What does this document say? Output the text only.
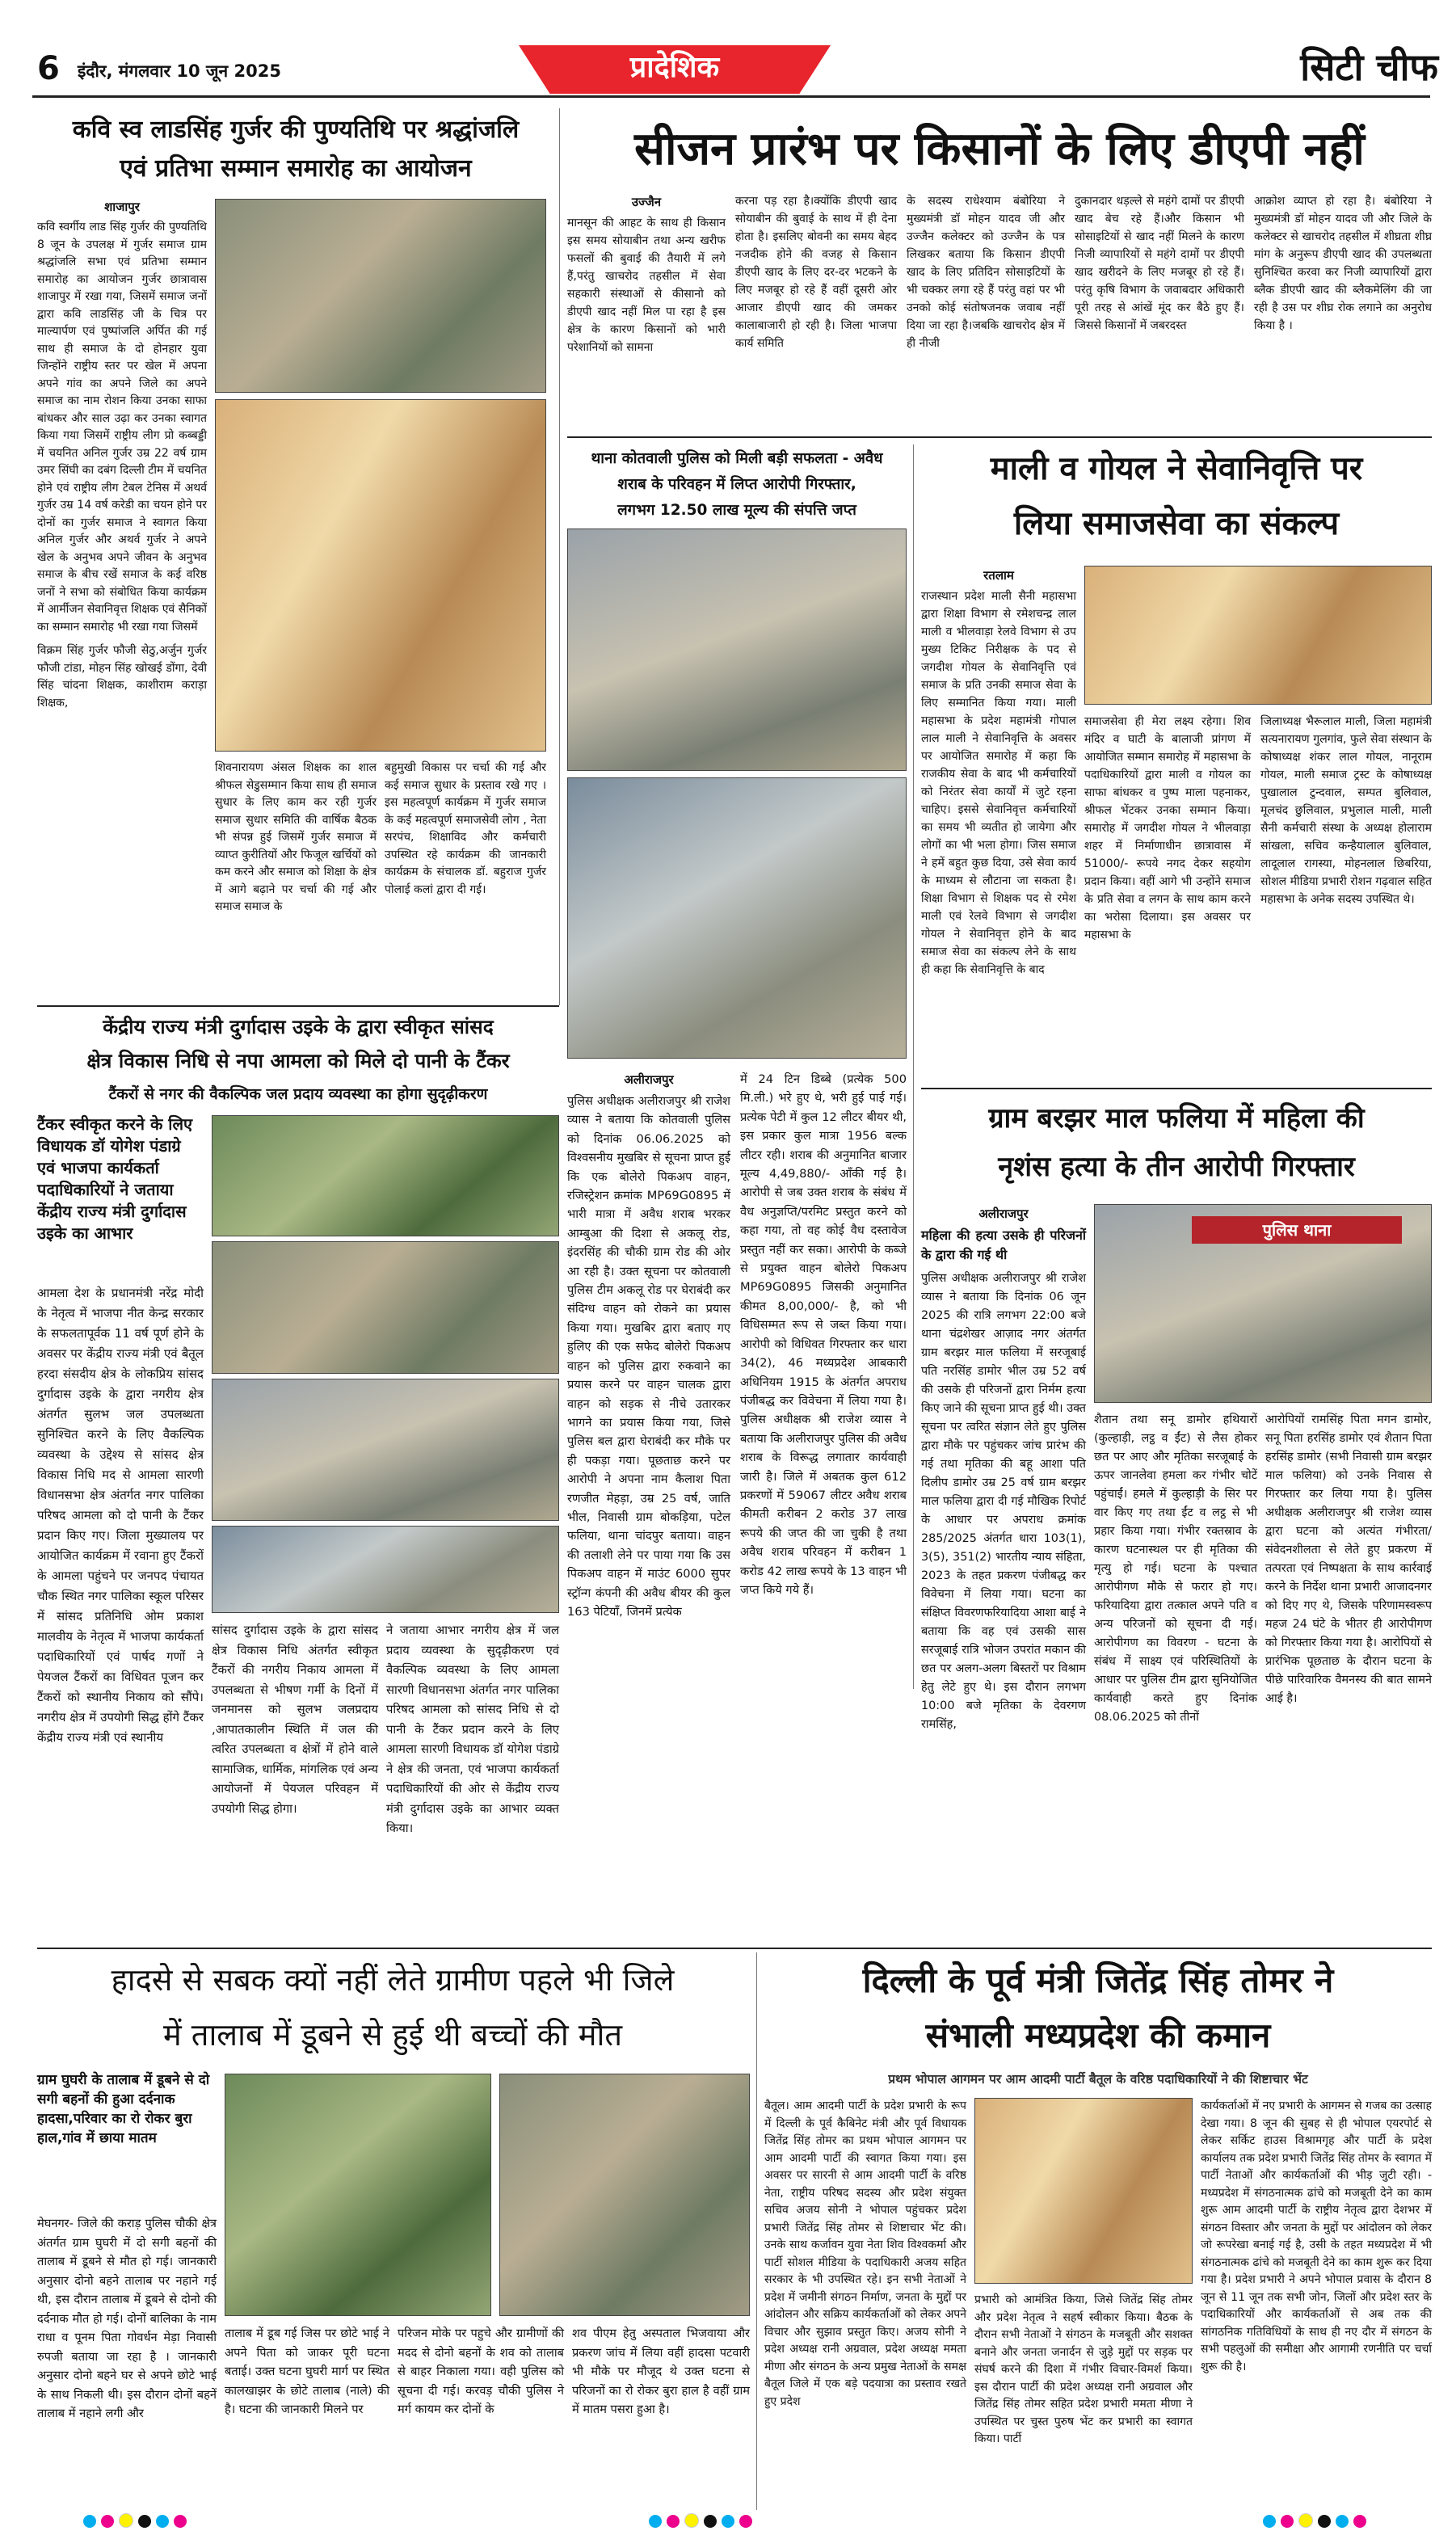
6	इंदौर, मंगलवार 10 जून 2025	प्रादेशिक	सिटी चीफ
कवि स्व लाडसिंह गुर्जर की पुण्यतिथि पर श्रद्धांजलि
एवं प्रतिभा सम्मान समारोह का आयोजन
शाजापुर
कवि स्वर्गीय लाड सिंह गुर्जर की पुण्यतिथि 8 जून के उपलक्ष में गुर्जर समाज ग्राम श्रद्धांजलि सभा एवं प्रतिभा सम्मान समारोह का आयोजन गुर्जर छात्रावास शाजापुर में रखा गया, जिसमें समाज जनों द्वारा कवि लाडसिंह जी के चित्र पर माल्यार्पण एवं पुष्पांजलि अर्पित की गई साथ ही समाज के दो होनहार युवा जिन्होंने राष्ट्रीय स्तर पर खेल में अपना अपने गांव का अपने जिले का अपने समाज का नाम रोशन किया उनका साफा बांधकर और साल उढ़ा कर उनका स्वागत किया गया जिसमें राष्ट्रीय लीग प्रो कब्बड्डी में चयनित अनिल गुर्जर उम्र 22 वर्ष ग्राम उमर सिंघी का दबंग दिल्ली टीम में चयनित होने एवं राष्ट्रीय लीग टेबल टेनिस में अथर्व गुर्जर उम्र 14 वर्ष करेडी का चयन होने पर दोनों का गुर्जर समाज ने स्वागत किया अनिल गुर्जर और अथर्व गुर्जर ने अपने खेल के अनुभव अपने जीवन के अनुभव समाज के बीच रखें समाज के कई वरिष्ठ जनों ने सभा को संबोधित किया कार्यक्रम में आर्मीजन सेवानिवृत्त शिक्षक एवं सैनिकों का सम्मान समारोह भी रखा गया जिसमें
विक्रम सिंह गुर्जर फौजी सेठु,अर्जुन गुर्जर फौजी टांडा, मोहन सिंह खोखई डोंगा, देवी सिंह चांदना शिक्षक, काशीराम कराड़ा शिक्षक,
शिवनारायण अंसल शिक्षक का शाल श्रीफल सेडुसम्मान किया साथ ही समाज सुधार के लिए काम कर रही गुर्जर समाज सुधार समिति की वार्षिक बैठक भी संपन्न हुई जिसमें गुर्जर समाज में व्याप्त कुरीतियों और फिजूल खर्चियों को कम करने और समाज को शिक्षा के क्षेत्र में आगे बढ़ाने पर चर्चा की गई और समाज समाज के
बहुमुखी विकास पर चर्चा की गई और कई समाज सुधार के प्रस्ताव रखे गए । इस महत्वपूर्ण कार्यक्रम में गुर्जर समाज के कई महत्वपूर्ण समाजसेवी लोग , नेता सरपंच, शिक्षाविद और कर्मचारी उपस्थित रहे कार्यक्रम की जानकारी कार्यक्रम के संचालक डॉ. बहुराज गुर्जर पोलाई कलां द्वारा दी गई।
सीजन प्रारंभ पर किसानों के लिए डीएपी नहीं
उज्जैन
मानसून की आहट के साथ ही किसान इस समय सोयाबीन तथा अन्य खरीफ फसलों की बुवाई की तैयारी में लगे हैं,परंतु खाचरोद तहसील में सेवा सहकारी संस्थाओं से कीसानो को डीएपी खाद नहीं मिल पा रहा है इस क्षेत्र के कारण किसानों को भारी परेशानियों को सामना
करना पड़ रहा है।क्योंकि डीएपी खाद सोयाबीन की बुवाई के साथ में ही देना होता है। इसलिए बोवनी का समय बेहद नजदीक होने की वजह से किसान डीएपी खाद के लिए दर-दर भटकने के लिए मजबूर हो रहे हैं वहीं दूसरी ओर आजार डीएपी खाद की जमकर कालाबाजारी हो रही है। जिला भाजपा कार्य समिति
के सदस्य राधेश्याम बंबोरिया ने मुख्यमंत्री डॉ मोहन यादव जी और उज्जैन कलेक्टर को उज्जैन के पत्र लिखकर बताया कि किसान डीएपी खाद के लिए प्रतिदिन सोसाइटियों के भी चक्कर लगा रहे हैं परंतु वहां पर भी उनको कोई संतोषजनक जवाब नहीं दिया जा रहा है।जबकि खाचरोद क्षेत्र में ही नीजी
दुकानदार धड़ल्ले से महंगे दामों पर डीएपी खाद बेच रहे हैं।और किसान भी सोसाइटियों से खाद नहीं मिलने के कारण निजी व्यापारियों से महंगे दामों पर डीएपी खाद खरीदने के लिए मजबूर हो रहे हैं। परंतु कृषि विभाग के जवाबदार अधिकारी पूरी तरह से आंखें मूंद कर बैठे हुए हैं। जिससे किसानों में जबरदस्त
आक्रोश व्याप्त हो रहा है। बंबोरिया ने मुख्यमंत्री डॉ मोहन यादव जी और जिले के कलेक्टर से खाचरोद तहसील में शीघ्रता शीघ्र मांग के अनुरूप डीएपी खाद की उपलब्धता सुनिश्चित करवा कर निजी व्यापारियों द्वारा ब्लैक डीएपी खाद की ब्लैकमेलिंग की जा रही है उस पर शीघ्र रोक लगाने का अनुरोध किया है ।
थाना कोतवाली पुलिस को मिली बड़ी सफलता - अवैध
शराब के परिवहन में लिप्त आरोपी गिरफ्तार,
लगभग 12.50 लाख मूल्य की संपत्ति जप्त
अलीराजपुर
पुलिस अधीक्षक अलीराजपुर श्री राजेश व्यास ने बताया कि कोतवाली पुलिस को दिनांक 06.06.2025 को विश्वसनीय मुखबिर से सूचना प्राप्त हुई कि एक बोलेरो पिकअप वाहन, रजिस्ट्रेशन क्रमांक MP69G0895 में भारी मात्रा में अवैध शराब भरकर आम्बुआ की दिशा से अकलू रोड, इंदरसिंह की चौकी ग्राम रोड की ओर आ रही है। उक्त सूचना पर कोतवाली पुलिस टीम अकलू रोड पर घेराबंदी कर संदिग्ध वाहन को रोकने का प्रयास किया गया। मुखबिर द्वारा बताए गए हुलिए की एक सफेद बोलेरो पिकअप वाहन को पुलिस द्वारा रुकवाने का प्रयास करने पर वाहन चालक द्वारा वाहन को सड़क से नीचे उतारकर भागने का प्रयास किया गया, जिसे पुलिस बल द्वारा घेराबंदी कर मौके पर ही पकड़ा गया। पूछताछ करने पर आरोपी ने अपना नाम कैलाश पिता रणजीत मेहड़ा, उम्र 25 वर्ष, जाति भील, निवासी ग्राम बोकड़िया, पटेल फलिया, थाना चांदपुर बताया। वाहन की तलाशी लेने पर पाया गया कि उस पिकअप वाहन में माउंट 6000 सुपर स्ट्रॉन्ग कंपनी की अवैध बीयर की कुल 163 पेटियाँ, जिनमें प्रत्येक
में 24 टिन डिब्बे (प्रत्येक 500 मि.ली.) भरे हुए थे, भरी हुई पाई गई। प्रत्येक पेटी में कुल 12 लीटर बीयर थी, इस प्रकार कुल मात्रा 1956 बल्क लीटर रही। शराब की अनुमानित बाजार मूल्य 4,49,880/- आँकी गई है। आरोपी से जब उक्त शराब के संबंध में वैध अनुज्ञप्ति/परमिट प्रस्तुत करने को कहा गया, तो वह कोई वैध दस्तावेज प्रस्तुत नहीं कर सका। आरोपी के कब्जे से प्रयुक्त वाहन बोलेरो पिकअप MP69G0895 जिसकी अनुमानित कीमत 8,00,000/- है, को भी विधिसम्मत रूप से जब्त किया गया। आरोपी को विधिवत गिरफ्तार कर धारा 34(2), 46 मध्यप्रदेश आबकारी अधिनियम 1915 के अंतर्गत अपराध पंजीबद्ध कर विवेचना में लिया गया है। पुलिस अधीक्षक श्री राजेश व्यास ने बताया कि अलीराजपुर पुलिस की अवैध शराब के विरूद्ध लगातार कार्यवाही जारी है। जिले में अबतक कुल 612 प्रकरणों में 59067 लीटर अवैध शराब कीमती करीबन 2 करोड 37 लाख रूपये की जप्त की जा चुकी है तथा अवैध शराब परिवहन में करीबन 1 करोड 42 लाख रूपये के 13 वाहन भी जप्त किये गये हैं।
माली व गोयल ने सेवानिवृत्ति पर
लिया समाजसेवा का संकल्प
रतलाम
राजस्थान प्रदेश माली सैनी महासभा द्वारा शिक्षा विभाग से रमेशचन्द्र लाल माली व भीलवाड़ा रेलवे विभाग से उप मुख्य टिकिट निरीक्षक के पद से जगदीश गोयल के सेवानिवृत्ति एवं समाज के प्रति उनकी समाज सेवा के लिए सम्मानित किया गया। माली महासभा के प्रदेश महामंत्री गोपाल लाल माली ने सेवानिवृत्ति के अवसर पर आयोजित समारोह में कहा कि राजकीय सेवा के बाद भी कर्मचारियों को निरंतर सेवा कार्यों में जुटे रहना चाहिए। इससे सेवानिवृत्त कर्मचारियों का समय भी व्यतीत हो जायेगा और लोगों का भी भला होगा। जिस समाज ने हमें बहुत कुछ दिया, उसे सेवा कार्य के माध्यम से लौटाना जा सकता है। शिक्षा विभाग से शिक्षक पद से रमेश माली एवं रेलवे विभाग से जगदीश गोयल ने सेवानिवृत्त होने के बाद समाज सेवा का संकल्प लेने के साथ ही कहा कि सेवानिवृत्ति के बाद
समाजसेवा ही मेरा लक्ष्य रहेगा। शिव मंदिर व घाटी के बालाजी प्रांगण में आयोजित सम्मान समारोह में महासभा के पदाधिकारियों द्वारा माली व गोयल का साफा बांधकर व पुष्प माला पहनाकर, श्रीफल भेंटकर उनका सम्मान किया। समारोह में जगदीश गोयल ने भीलवाड़ा शहर में निर्माणाधीन छात्रावास में 51000/- रूपये नगद देकर सहयोग प्रदान किया। वहीं आगे भी उन्होंने समाज के प्रति सेवा व लगन के साथ काम करने का भरोसा दिलाया। इस अवसर पर महासभा के
जिलाध्यक्ष भैरूलाल माली, जिला महामंत्री सत्यनारायण गुलगांव, फुले सेवा संस्थान के कोषाध्यक्ष शंकर लाल गोयल, नानूराम गोयल, माली समाज ट्रस्ट के कोषाध्यक्ष पुखालाल टुन्दवाल, सम्पत बुलिवाल, मूलचंद छुलिवाल, प्रभुलाल माली, माली सैनी कर्मचारी संस्था के अध्यक्ष होलाराम सांखला, सचिव कन्हैयालाल बुलिवाल, लादूलाल रागस्या, मोहनलाल छिबरिया, सोशल मीडिया प्रभारी रोशन गढ़वाल सहित महासभा के अनेक सदस्य उपस्थित थे।
केंद्रीय राज्य मंत्री दुर्गादास उइके के द्वारा स्वीकृत सांसद
क्षेत्र विकास निधि से नपा आमला को मिले दो पानी के टैंकर
टैंकरों से नगर की वैकल्पिक जल प्रदाय व्यवस्था का होगा सुदृढ़ीकरण
टैंकर स्वीकृत करने के लिए विधायक डॉ योगेश पंडाग्रे एवं भाजपा कार्यकर्ता पदाधिकारियों ने जताया केंद्रीय राज्य मंत्री दुर्गादास उइके का आभार
आमला देश के प्रधानमंत्री नरेंद्र मोदी के नेतृत्व में भाजपा नीत केन्द्र सरकार के सफलतापूर्वक 11 वर्ष पूर्ण होने के अवसर पर केंद्रीय राज्य मंत्री एवं बैतूल हरदा संसदीय क्षेत्र के लोकप्रिय सांसद दुर्गादास उइके के द्वारा नगरीय क्षेत्र अंतर्गत सुलभ जल उपलब्धता सुनिश्चित करने के लिए वैकल्पिक व्यवस्था के उद्देश्य से सांसद क्षेत्र विकास निधि मद से आमला सारणी विधानसभा क्षेत्र अंतर्गत नगर पालिका परिषद आमला को दो पानी के टैंकर प्रदान किए गए। जिला मुख्यालय पर आयोजित कार्यक्रम में रवाना हुए टैंकरों के आमला पहुंचने पर जनपद पंचायत चौक स्थित नगर पालिका स्कूल परिसर में सांसद प्रतिनिधि ओम प्रकाश मालवीय के नेतृत्व में भाजपा कार्यकर्ता पदाधिकारियों एवं पार्षद गणों ने पेयजल टैंकरों का विधिवत पूजन कर टैंकरों को स्थानीय निकाय को सौंपे। नगरीय क्षेत्र में उपयोगी सिद्ध होंगे टैंकर केंद्रीय राज्य मंत्री एवं स्थानीय
सांसद दुर्गादास उइके के द्वारा सांसद क्षेत्र विकास निधि अंतर्गत स्वीकृत टैंकरों की नगरीय निकाय आमला में उपलब्धता से भीषण गर्मी के दिनों में जनमानस को सुलभ जलप्रदाय ,आपातकालीन स्थिति में जल की त्वरित उपलब्धता व क्षेत्रों में होने वाले सामाजिक, धार्मिक, मांगलिक एवं अन्य आयोजनों में पेयजल परिवहन में उपयोगी सिद्ध होगा।
ने जताया आभार नगरीय क्षेत्र में जल प्रदाय व्यवस्था के सुदृढ़ीकरण एवं वैकल्पिक व्यवस्था के लिए आमला सारणी विधानसभा अंतर्गत नगर पालिका परिषद आमला को सांसद निधि से दो पानी के टैंकर प्रदान करने के लिए आमला सारणी विधायक डॉ योगेश पंडाग्रे ने क्षेत्र की जनता, एवं भाजपा कार्यकर्ता पदाधिकारियों की ओर से केंद्रीय राज्य मंत्री दुर्गादास उइके का आभार व्यक्त किया।
ग्राम बरझर माल फलिया में महिला की
नृशंस हत्या के तीन आरोपी गिरफ्तार
अलीराजपुर
महिला की हत्या उसके ही परिजनों के द्वारा की गई थी
पुलिस अधीक्षक अलीराजपुर श्री राजेश व्यास ने बताया कि दिनांक 06 जून 2025 की रात्रि लगभग 22:00 बजे थाना चंद्रशेखर आज़ाद नगर अंतर्गत ग्राम बरझर माल फलिया में सरजूबाई पति नरसिंह डामोर भील उम्र 52 वर्ष की उसके ही परिजनों द्वारा निर्मम हत्या किए जाने की सूचना प्राप्त हुई थी। उक्त सूचना पर त्वरित संज्ञान लेते हुए पुलिस द्वारा मौके पर पहुंचकर जांच प्रारंभ की गई तथा मृतिका की बहू आशा पति दिलीप डामोर उम्र 25 वर्ष ग्राम बरझर माल फलिया द्वारा दी गई मौखिक रिपोर्ट के आधार पर अपराध क्रमांक 285/2025 अंतर्गत धारा 103(1), 3(5), 351(2) भारतीय न्याय संहिता, 2023 के तहत प्रकरण पंजीबद्ध कर विवेचना में लिया गया। घटना का संक्षिप्त विवरणफरियादिया आशा बाई ने बताया कि वह एवं उसकी सास सरजूबाई रात्रि भोजन उपरांत मकान की छत पर अलग-अलग बिस्तरों पर विश्राम हेतु लेटे हुए थे। इस दौरान लगभग 10:00 बजे मृतिका के देवरगण रामसिंह,
पुलिस थाना
शैतान तथा सनू डामोर हथियारों (कुल्हाड़ी, लट्ठ व ईंट) से लैस होकर छत पर आए और मृतिका सरजूबाई के ऊपर जानलेवा हमला कर गंभीर चोटें पहुंचाईं। हमले में कुल्हाड़ी के सिर पर वार किए गए तथा ईंट व लट्ठ से भी प्रहार किया गया। गंभीर रक्तस्राव के कारण घटनास्थल पर ही मृतिका की मृत्यु हो गई। घटना के पश्चात आरोपीगण मौके से फरार हो गए। फरियादिया द्वारा तत्काल अपने पति व अन्य परिजनों को सूचना दी गई। आरोपीगण का विवरण - घटना के संबंध में साक्ष्य एवं परिस्थितियों के आधार पर पुलिस टीम द्वारा सुनियोजित कार्यवाही करते हुए दिनांक 08.06.2025 को तीनों
आरोपियों रामसिंह पिता मगन डामोर, सनू पिता हरसिंह डामोर एवं शैतान पिता हरसिंह डामोर (सभी निवासी ग्राम बरझर माल फलिया) को उनके निवास से गिरफ्तार कर लिया गया है। पुलिस अधीक्षक अलीराजपुर श्री राजेश व्यास द्वारा घटना को अत्यंत गंभीरता/संवेदनशीलता से लेते हुए प्रकरण में तत्परता एवं निष्पक्षता के साथ कार्रवाई करने के निर्देश थाना प्रभारी आजादनगर को दिए गए थे, जिसके परिणामस्वरूप महज 24 घंटे के भीतर ही आरोपीगण को गिरफ्तार किया गया है। आरोपियों से प्रारंभिक पूछताछ के दौरान घटना के पीछे पारिवारिक वैमनस्य की बात सामने आई है।
हादसे से सबक क्यों नहीं लेते ग्रामीण पहले भी जिले
में तालाब में डूबने से हुई थी बच्चों की मौत
ग्राम घुघरी के तालाब में डूबने से दो सगी बहनों की हुआ दर्दनाक हादसा,परिवार का रो रोकर बुरा हाल,गांव में छाया मातम
मेघनगर- जिले की कराड़ पुलिस चौकी क्षेत्र अंतर्गत ग्राम घुघरी में दो सगी बहनों की तालाब में डूबने से मौत हो गई। जानकारी अनुसार दोनो बहने तालाब पर नहाने गई थी, इस दौरान तालाब में डूबने से दोनो की दर्दनाक मौत हो गई। दोनों बालिका के नाम राधा व पूनम पिता गोवर्धन मेड़ा निवासी रुपजी बताया जा रहा है । जानकारी अनुसार दोनो बहने घर से अपने छोटे भाई के साथ निकली थी। इस दौरान दोनों बहनें तालाब में नहाने लगी और
तालाब में डूब गई जिस पर छोटे भाई ने अपने पिता को जाकर पूरी घटना बताई। उक्त घटना घुघरी मार्ग पर स्थित कालखाझर के छोटे तालाब (नाले) की है। घटना की जानकारी मिलने पर
परिजन मोके पर पहुचे और ग्रामीणों की मदद से दोनो बहनों के शव को तालाब से बाहर निकाला गया। वही पुलिस को सूचना दी गई। करवड़ चौकी पुलिस ने मर्ग कायम कर दोनों के
शव पीएम हेतु अस्पताल भिजवाया और प्रकरण जांच में लिया वहीं हादसा पटवारी भी मौके पर मौजूद थे उक्त घटना से परिजनों का रो रोकर बुरा हाल है वहीं ग्राम में मातम पसरा हुआ है।
दिल्ली के पूर्व मंत्री जितेंद्र सिंह तोमर ने
संभाली मध्यप्रदेश की कमान
प्रथम भोपाल आगमन पर आम आदमी पार्टी बैतूल के वरिष्ठ पदाधिकारियों ने की शिष्टाचार भेंट
बैतूल। आम आदमी पार्टी के प्रदेश प्रभारी के रूप में दिल्ली के पूर्व कैबिनेट मंत्री और पूर्व विधायक जितेंद्र सिंह तोमर का प्रथम भोपाल आगमन पर आम आदमी पार्टी की स्वागत किया गया। इस अवसर पर सारनी से आम आदमी पार्टी के वरिष्ठ नेता, राष्ट्रीय परिषद सदस्य और प्रदेश संयुक्त सचिव अजय सोनी ने भोपाल पहुंचकर प्रदेश प्रभारी जितेंद्र सिंह तोमर से शिष्टाचार भेंट की। उनके साथ कर्जावन युवा नेता शिव विश्वकर्मा और पार्टी सोशल मीडिया के पदाधिकारी अजय सहित सरकार के भी उपस्थित रहे। इन सभी नेताओं ने प्रदेश में जमीनी संगठन निर्माण, जनता के मुद्दों पर आंदोलन और सक्रिय कार्यकर्ताओं को लेकर अपने विचार और सुझाव प्रस्तुत किए। अजय सोनी ने प्रदेश अध्यक्ष रानी अग्रवाल, प्रदेश अध्यक्ष ममता मीणा और संगठन के अन्य प्रमुख नेताओं के समक्ष बैतूल जिले में एक बड़े पदयात्रा का प्रस्ताव रखते हुए प्रदेश
प्रभारी को आमंत्रित किया, जिसे जितेंद्र सिंह तोमर और प्रदेश नेतृत्व ने सहर्ष स्वीकार किया। बैठक के दौरान सभी नेताओं ने संगठन के मजबूती और सशक्त बनाने और जनता जनार्दन से जुड़े मुद्दों पर सड़क पर संघर्ष करने की दिशा में गंभीर विचार-विमर्श किया। इस दौरान पार्टी की प्रदेश अध्यक्ष रानी अग्रवाल और जितेंद्र सिंह तोमर सहित प्रदेश प्रभारी ममता मीणा ने उपस्थित पर चुस्त पुरुष भेंट कर प्रभारी का स्वागत किया। पार्टी
कार्यकर्ताओं में नए प्रभारी के आगमन से गजब का उत्साह देखा गया। 8 जून की सुबह से ही भोपाल एयरपोर्ट से लेकर सर्किट हाउस विश्रामगृह और पार्टी के प्रदेश कार्यालय तक प्रदेश प्रभारी जितेंद्र सिंह तोमर के स्वागत में पार्टी नेताओं और कार्यकर्ताओं की भीड़ जुटी रही। - मध्यप्रदेश में संगठनात्मक ढांचे को मजबूती देने का काम शुरू आम आदमी पार्टी के राष्ट्रीय नेतृत्व द्वारा देशभर में संगठन विस्तार और जनता के मुद्दों पर आंदोलन को लेकर जो रूपरेखा बनाई गई है, उसी के तहत मध्यप्रदेश में भी संगठनात्मक ढांचे को मजबूती देने का काम शुरू कर दिया गया है। प्रदेश प्रभारी ने अपने भोपाल प्रवास के दौरान 8 जून से 11 जून तक सभी जोन, जिलों और प्रदेश स्तर के पदाधिकारियों और कार्यकर्ताओं से अब तक की सांगठनिक गतिविधियों के साथ ही नए दौर में संगठन के सभी पहलुओं की समीक्षा और आगामी रणनीति पर चर्चा शुरू की है।
